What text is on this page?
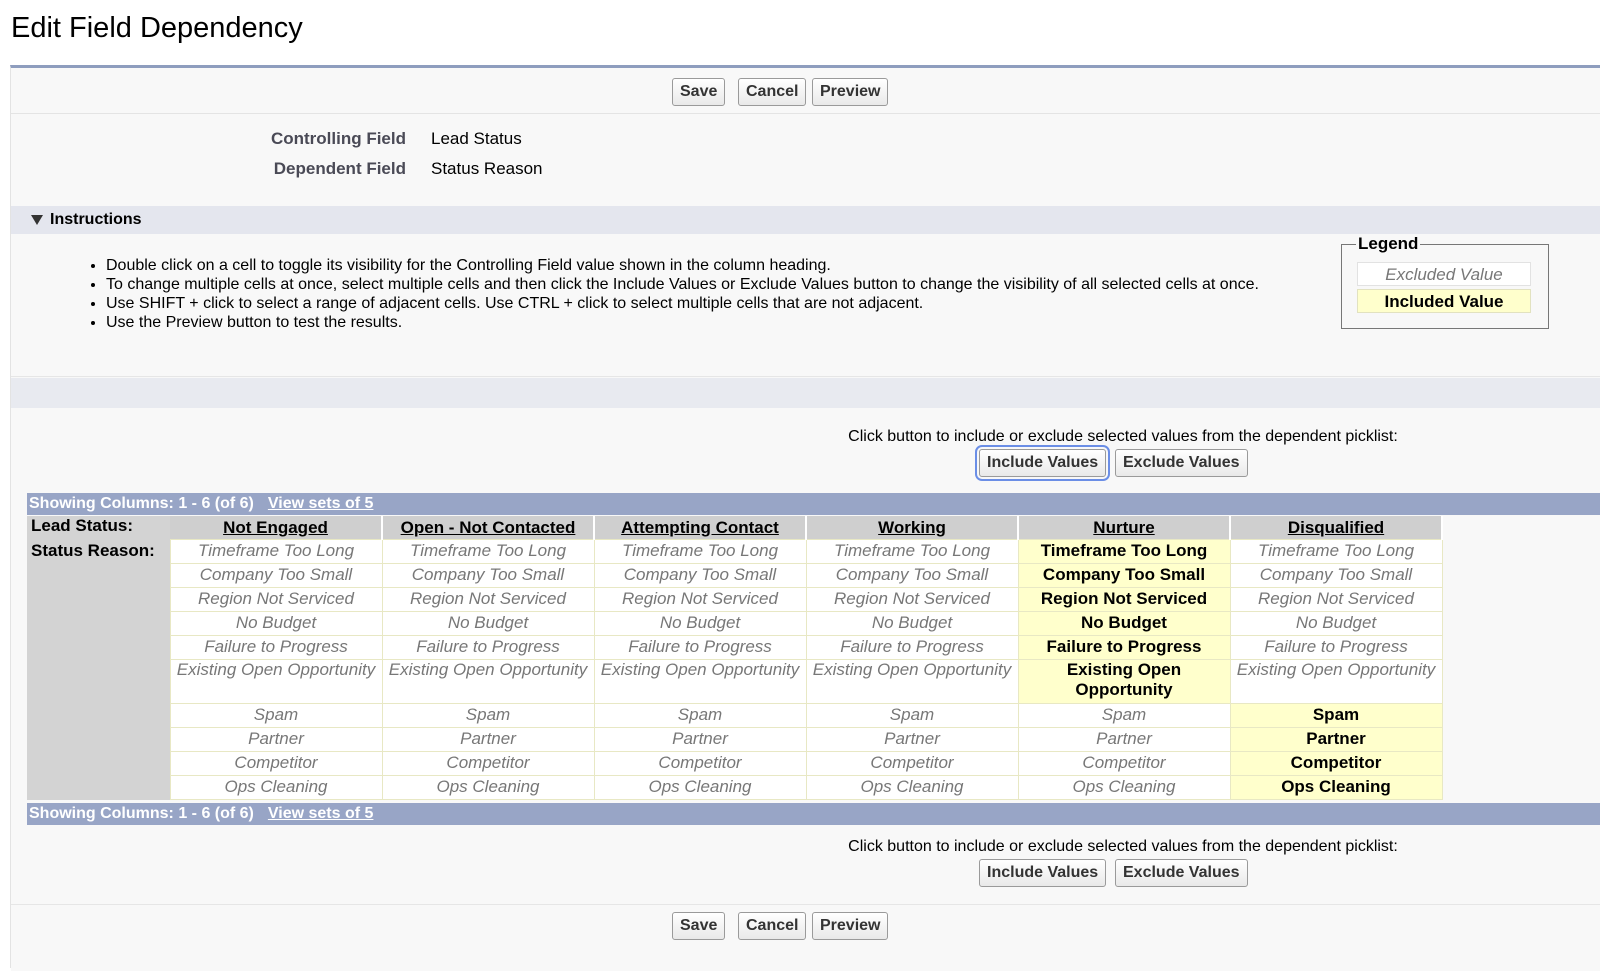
Edit Field Dependency
Save	Cancel	Preview
Controlling Field Lead Status
Dependent Field Status Reason
Instructions
• Double click on a cell to toggle its visibility for the Controlling Field value shown in the column heading.
• To change multiple cells at once, select multiple cells and then click the Include Values or Exclude Values button to change the visibility of all selected cells at once.
• Use SHIFT + click to select a range of adjacent cells. Use CTRL + click to select multiple cells that are not adjacent.
• Use the Preview button to test the results.
Legend
Excluded Value
Included Value
Click button to include or exclude selected values from the dependent picklist:
Include Values	Exclude Values
Showing Columns: 1 - 6 (of 6) View sets of 5
Lead Status:	Not Engaged	Open - Not Contacted	Attempting Contact	Working	Nurture	Disqualified
Status Reason:	Timeframe Too Long	Timeframe Too Long	Timeframe Too Long	Timeframe Too Long	Timeframe Too Long	Timeframe Too Long
	Company Too Small	Company Too Small	Company Too Small	Company Too Small	Company Too Small	Company Too Small
	Region Not Serviced	Region Not Serviced	Region Not Serviced	Region Not Serviced	Region Not Serviced	Region Not Serviced
	No Budget	No Budget	No Budget	No Budget	No Budget	No Budget
	Failure to Progress	Failure to Progress	Failure to Progress	Failure to Progress	Failure to Progress	Failure to Progress
	Existing Open Opportunity	Existing Open Opportunity	Existing Open Opportunity	Existing Open Opportunity	Existing Open Opportunity	Existing Open Opportunity
	Spam	Spam	Spam	Spam	Spam	Spam
	Partner	Partner	Partner	Partner	Partner	Partner
	Competitor	Competitor	Competitor	Competitor	Competitor	Competitor
	Ops Cleaning	Ops Cleaning	Ops Cleaning	Ops Cleaning	Ops Cleaning	Ops Cleaning
Showing Columns: 1 - 6 (of 6) View sets of 5
Click button to include or exclude selected values from the dependent picklist:
Include Values	Exclude Values
Save	Cancel	Preview
